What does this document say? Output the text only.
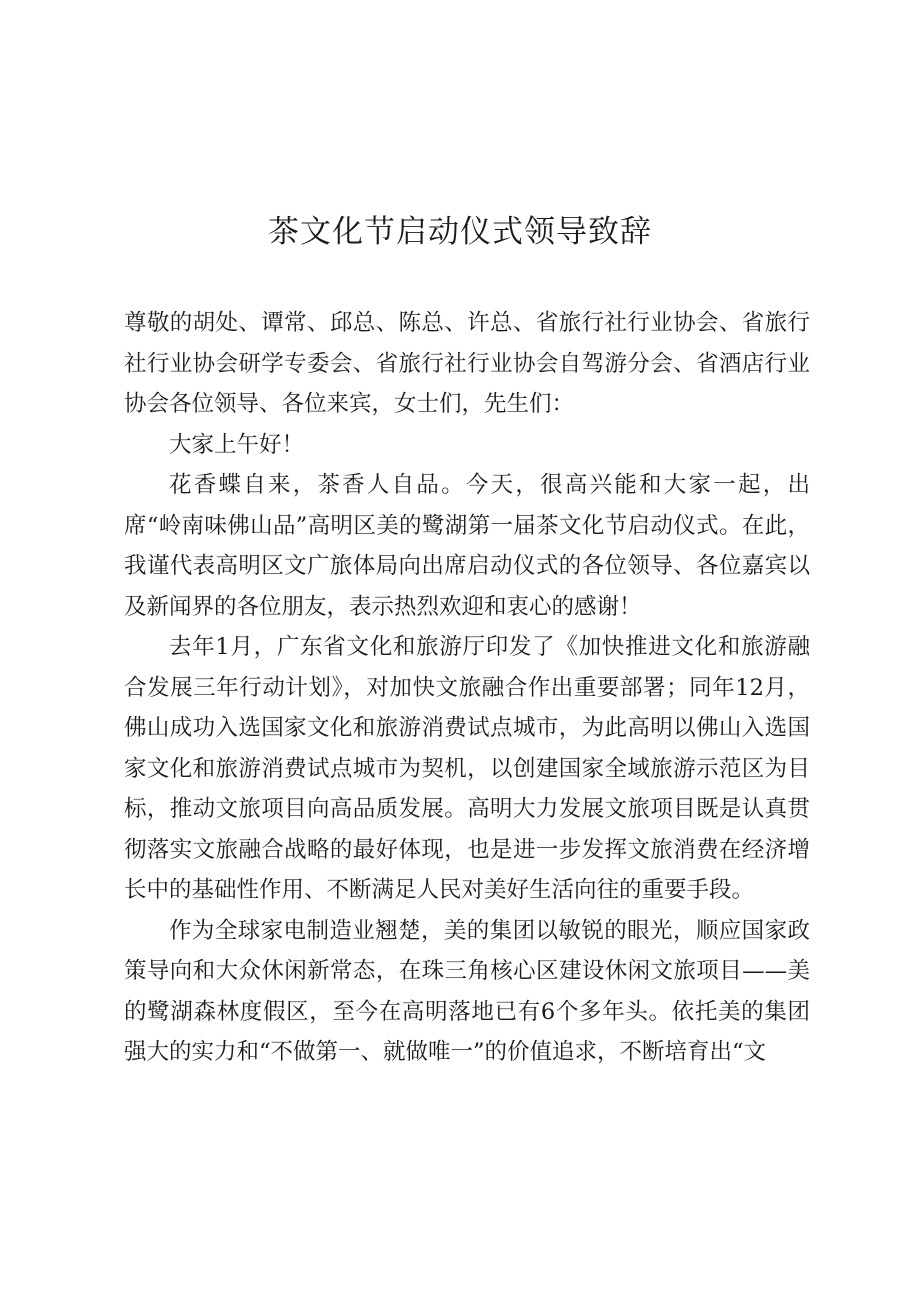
茶文化节启动仪式领导致辞

尊敬的胡处、谭常、邱总、陈总、许总、省旅行社行业协会、省旅行社行业协会研学专委会、省旅行社行业协会自驾游分会、省酒店行业协会各位领导、各位来宾，女士们，先生们：

大家上午好！

花香蝶自来，茶香人自品。今天，很高兴能和大家一起，出席“岭南味佛山品”高明区美的鹭湖第一届茶文化节启动仪式。在此，我谨代表高明区文广旅体局向出席启动仪式的各位领导、各位嘉宾以及新闻界的各位朋友，表示热烈欢迎和衷心的感谢！

去年1月，广东省文化和旅游厅印发了《加快推进文化和旅游融合发展三年行动计划》，对加快文旅融合作出重要部署；同年12月，佛山成功入选国家文化和旅游消费试点城市，为此高明以佛山入选国家文化和旅游消费试点城市为契机，以创建国家全域旅游示范区为目标，推动文旅项目向高品质发展。高明大力发展文旅项目既是认真贯彻落实文旅融合战略的最好体现，也是进一步发挥文旅消费在经济增长中的基础性作用、不断满足人民对美好生活向往的重要手段。

作为全球家电制造业翘楚，美的集团以敏锐的眼光，顺应国家政策导向和大众休闲新常态，在珠三角核心区建设休闲文旅项目——美的鹭湖森林度假区，至今在高明落地已有6个多年头。依托美的集团强大的实力和“不做第一、就做唯一”的价值追求，不断培育出“文
